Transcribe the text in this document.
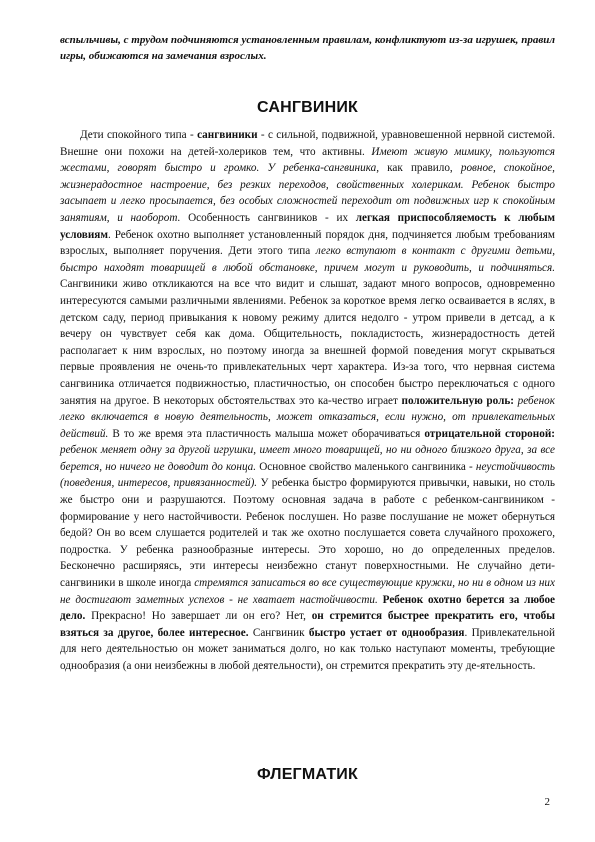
вспыльчивы, с трудом подчиняются установленным правилам, конфликтуют из-за игрушек, правил игры, обижаются на замечания взрослых.

САНГВИНИК

Дети спокойного типа - сангвиники - с сильной, подвижной, уравновешенной нервной системой. Внешне они похожи на детей-холериков тем, что активны. Имеют живую мимику, пользуются жестами, говорят быстро и громко. У ребенка-сангвиника, как правило, ровное, спокойное, жизнерадостное настроение, без резких переходов, свойственных холерикам. Ребенок быстро засыпает и легко просыпается, без особых сложностей переходит от подвижных игр к спокойным занятиям, и наоборот. Особенность сангвиников - их легкая приспособляемость к любым условиям. Ребенок охотно выполняет установленный порядок дня, подчиняется любым требованиям взрослых, выполняет поручения. Дети этого типа легко вступают в контакт с другими детьми, быстро находят товарищей в любой обстановке, причем могут и руководить, и подчиняться. Сангвиники живо откликаются на все что видит и слышат, задают много вопросов, одновременно интересуются самыми различными явлениями. Ребенок за короткое время легко осваивается в яслях, в детском саду, период привыкания к новому режиму длится недолго - утром привели в детсад, а к вечеру он чувствует себя как дома. Общительность, покладистость, жизнерадостность детей располагает к ним взрослых, но поэтому иногда за внешней формой поведения могут скрываться первые проявления не очень-то привлекательных черт характера. Из-за того, что нервная система сангвиника отличается подвижностью, пластичностью, он способен быстро переключаться с одного занятия на другое. В некоторых обстоятельствах это ка-чество играет положительную роль: ребенок легко включается в новую деятельность, может отказаться, если нужно, от привлекательных действий. В то же время эта пластичность малыша может оборачиваться отрицательной стороной: ребенок меняет одну за другой игрушки, имеет много товарищей, но ни одного близкого друга, за все берется, но ничего не доводит до конца. Основное свойство маленького сангвиника - неустойчивость (поведения, интересов, привязанностей). У ребенка быстро формируются привычки, навыки, но столь же быстро они и разрушаются. Поэтому основная задача в работе с ребенком-сангвиником - формирование у него настойчивости. Ребенок послушен. Но разве послушание не может обернуться бедой? Он во всем слушается родителей и так же охотно послушается совета случайного прохожего, подростка. У ребенка разнообразные интересы. Это хорошо, но до определенных пределов. Бесконечно расширяясь, эти интересы неизбежно станут поверхностными. Не случайно дети-сангвиники в школе иногда стремятся записаться во все существующие кружки, но ни в одном из них не достигают заметных успехов - не хватает настойчивости. Ребенок охотно берется за любое дело. Прекрасно! Но завершает ли он его? Нет, он стремится быстрее прекратить его, чтобы взяться за другое, более интересное. Сангвиник быстро устает от однообразия. Привлекательной для него деятельностью он может заниматься долго, но как только наступают моменты, требующие однообразия (а они неизбежны в любой деятельности), он стремится прекратить эту де-ятельность.

ФЛЕГМАТИК
2
